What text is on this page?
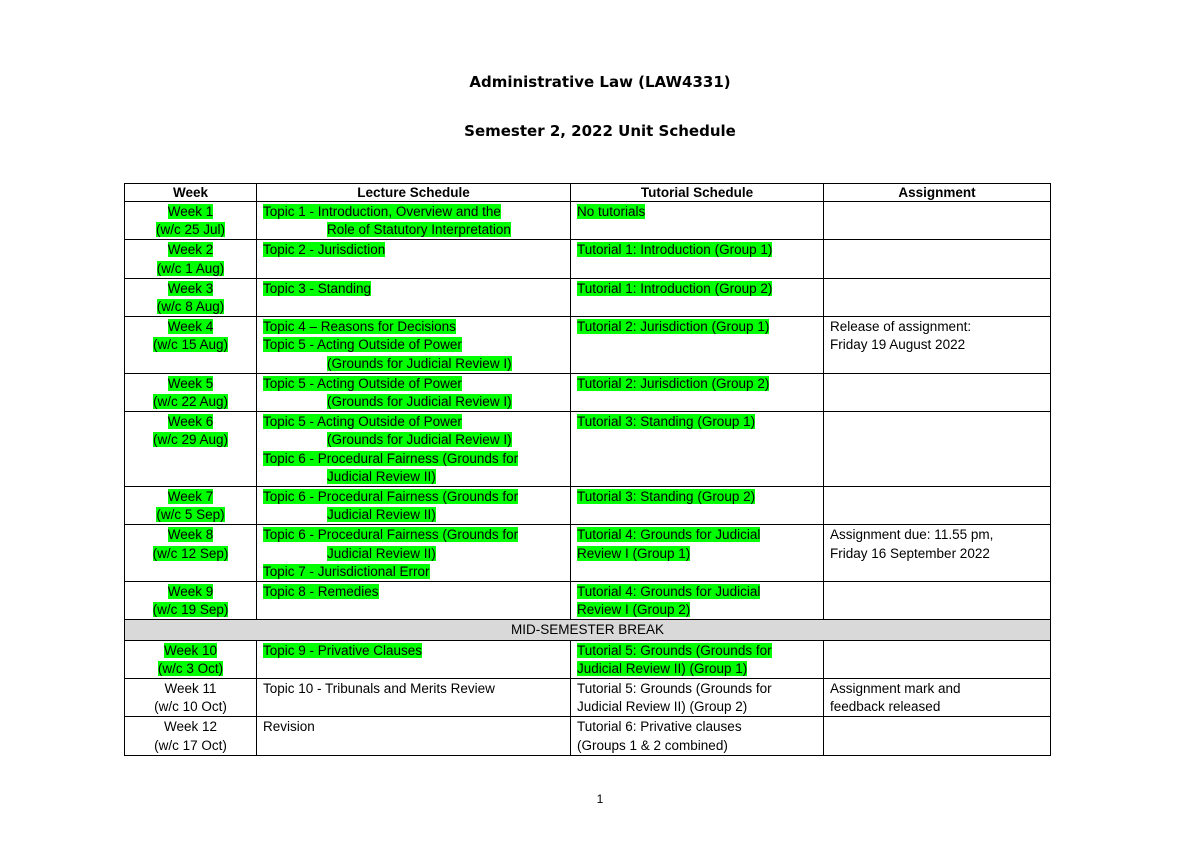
Administrative Law (LAW4331)
Semester 2, 2022 Unit Schedule
Week	Lecture Schedule	Tutorial Schedule	Assignment

Week 1
(w/c 25 Jul)	Topic 1 - Introduction, Overview and the
Role of Statutory Interpretation	No tutorials	

Week 2
(w/c 1 Aug)	Topic 2 - Jurisdiction	Tutorial 1: Introduction (Group 1)	

Week 3
(w/c 8 Aug)	Topic 3 - Standing	Tutorial 1: Introduction (Group 2)	

Week 4
(w/c 15 Aug)	Topic 4 – Reasons for Decisions
Topic 5 - Acting Outside of Power
(Grounds for Judicial Review I)	Tutorial 2: Jurisdiction (Group 1)	Release of assignment:
Friday 19 August 2022

Week 5
(w/c 22 Aug)	Topic 5 - Acting Outside of Power
(Grounds for Judicial Review I)	Tutorial 2: Jurisdiction (Group 2)	

Week 6
(w/c 29 Aug)	Topic 5 - Acting Outside of Power
(Grounds for Judicial Review I)
Topic 6 - Procedural Fairness (Grounds for
Judicial Review II)	Tutorial 3: Standing (Group 1)	

Week 7
(w/c 5 Sep)	Topic 6 - Procedural Fairness (Grounds for
Judicial Review II)	Tutorial 3: Standing (Group 2)	

Week 8
(w/c 12 Sep)	Topic 6 - Procedural Fairness (Grounds for
Judicial Review II)
Topic 7 - Jurisdictional Error	Tutorial 4: Grounds for Judicial
Review I (Group 1)	Assignment due: 11.55 pm,
Friday 16 September 2022

Week 9
(w/c 19 Sep)	Topic 8 - Remedies	Tutorial 4: Grounds for Judicial
Review I (Group 2)	

MID-SEMESTER BREAK			

Week 10
(w/c 3 Oct)	Topic 9 - Privative Clauses	Tutorial 5: Grounds (Grounds for
Judicial Review II) (Group 1)	

Week 11
(w/c 10 Oct)	Topic 10 - Tribunals and Merits Review	Tutorial 5: Grounds (Grounds for
Judicial Review II) (Group 2)	Assignment mark and
feedback released

Week 12
(w/c 17 Oct)	Revision	Tutorial 6: Privative clauses
(Groups 1 & 2 combined)	

1
